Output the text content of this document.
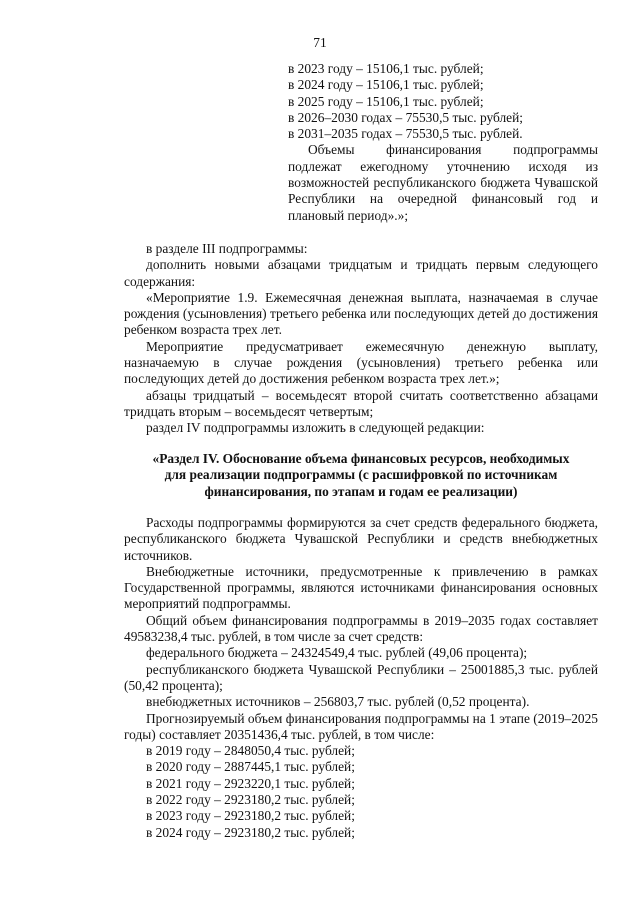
71
в 2023 году – 15106,1 тыс. рублей;
в 2024 году – 15106,1 тыс. рублей;
в 2025 году – 15106,1 тыс. рублей;
в 2026–2030 годах – 75530,5 тыс. рублей;
в 2031–2035 годах – 75530,5 тыс. рублей.

Объемы финансирования подпрограммы подлежат ежегодному уточнению исходя из возможностей республиканского бюджета Чувашской Республики на очередной финансовый год и плановый период».»;

в разделе III подпрограммы:

дополнить новыми абзацами тридцатым и тридцать первым следующего содержания:

«Мероприятие 1.9. Ежемесячная денежная выплата, назначаемая в случае рождения (усыновления) третьего ребенка или последующих детей до достижения ребенком возраста трех лет.

Мероприятие предусматривает ежемесячную денежную выплату, назначаемую в случае рождения (усыновления) третьего ребенка или последующих детей до достижения ребенком возраста трех лет.»;

абзацы тридцатый – восемьдесят второй считать соответственно абзацами тридцать вторым – восемьдесят четвертым;

раздел IV подпрограммы изложить в следующей редакции:

«Раздел IV. Обоснование объема финансовых ресурсов, необходимых
для реализации подпрограммы (с расшифровкой по источникам
финансирования, по этапам и годам ее реализации)

Расходы подпрограммы формируются за счет средств федерального бюджета, республиканского бюджета Чувашской Республики и средств внебюджетных источников.

Внебюджетные источники, предусмотренные к привлечению в рамках Государственной программы, являются источниками финансирования основных мероприятий подпрограммы.

Общий объем финансирования подпрограммы в 2019–2035 годах составляет 49583238,4 тыс. рублей, в том числе за счет средств:

федерального бюджета – 24324549,4 тыс. рублей (49,06 процента);

республиканского бюджета Чувашской Республики – 25001885,3 тыс. рублей (50,42 процента);

внебюджетных источников – 256803,7 тыс. рублей (0,52 процента).

Прогнозируемый объем финансирования подпрограммы на 1 этапе (2019–2025 годы) составляет 20351436,4 тыс. рублей, в том числе:

в 2019 году – 2848050,4 тыс. рублей;
в 2020 году – 2887445,1 тыс. рублей;
в 2021 году – 2923220,1 тыс. рублей;
в 2022 году – 2923180,2 тыс. рублей;
в 2023 году – 2923180,2 тыс. рублей;
в 2024 году – 2923180,2 тыс. рублей;
